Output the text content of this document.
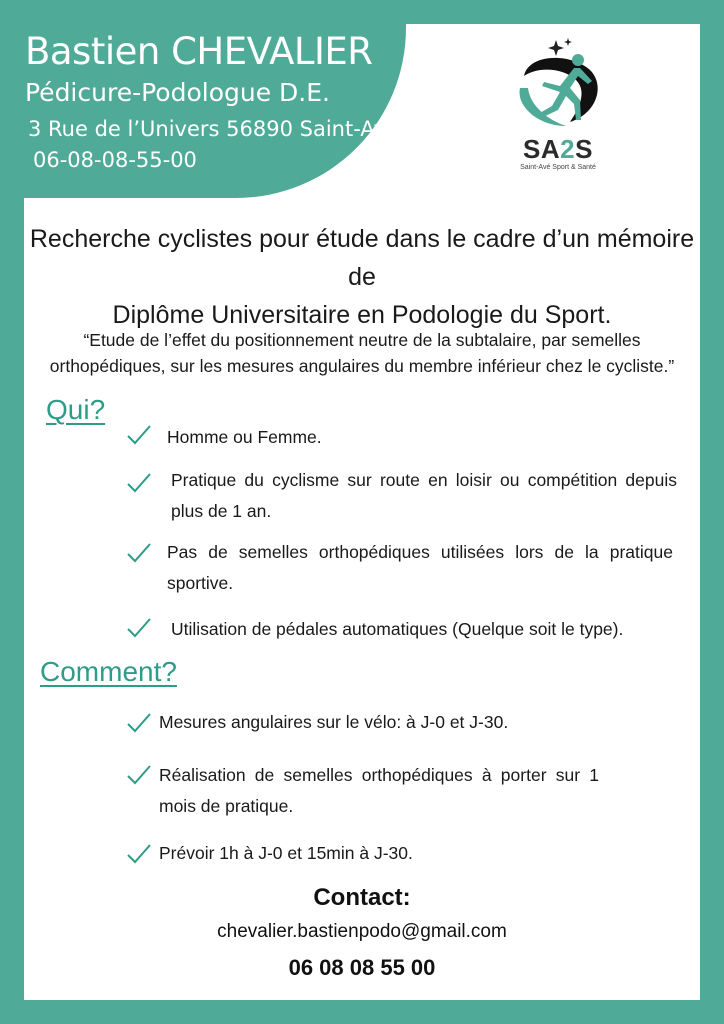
Bastien CHEVALIER
Pédicure-Podologue D.E.
3 Rue de l’Univers 56890 Saint-Avé
06-08-08-55-00	SA2S
Saint-Avé Sport & Santé
Recherche cyclistes pour étude dans le cadre d’un mémoire de
Diplôme Universitaire en Podologie du Sport.
“Etude de l’effet du positionnement neutre de la subtalaire, par semelles
orthopédiques, sur les mesures angulaires du membre inférieur chez le cycliste.”
Qui?
Homme ou Femme.
Pratique du cyclisme sur route en loisir ou compétition depuis plus de 1 an.
Pas de semelles orthopédiques utilisées lors de la pratique sportive.
Utilisation de pédales automatiques (Quelque soit le type).
Comment?
Mesures angulaires sur le vélo: à J-0 et J-30.
Réalisation de semelles orthopédiques à porter sur 1 mois de pratique.
Prévoir 1h à J-0 et 15min à J-30.
Contact:
chevalier.bastienpodo@gmail.com
06 08 08 55 00
